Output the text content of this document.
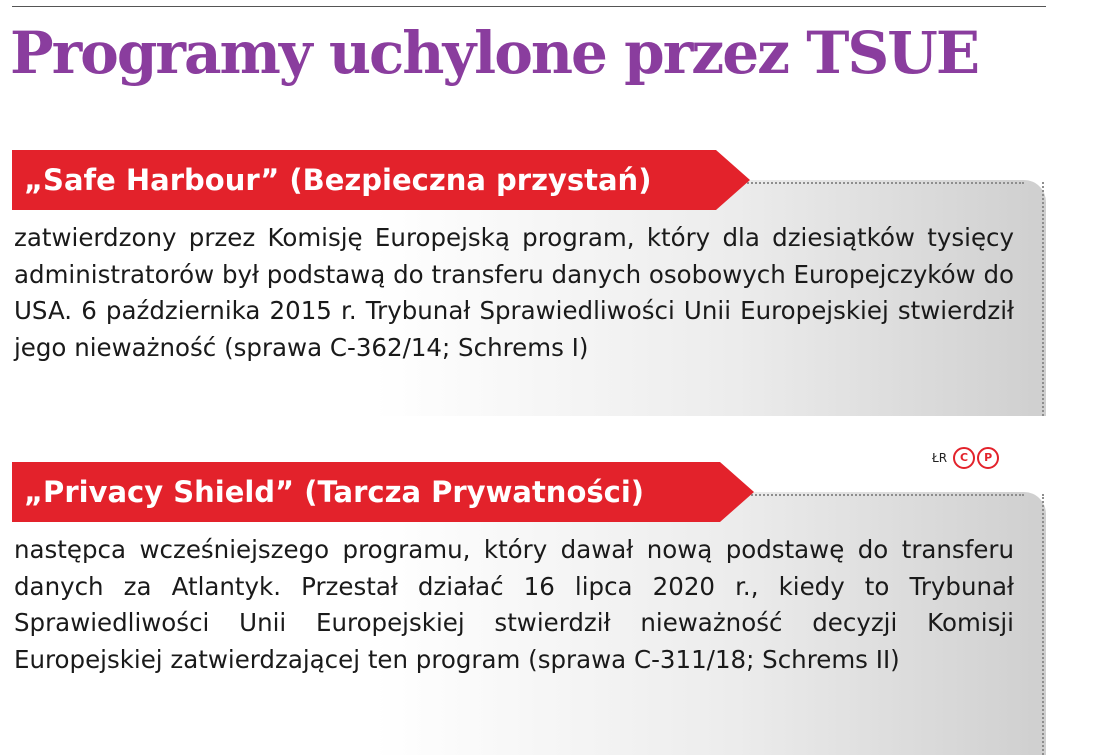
Programy uchylone przez TSUE
„Safe Harbour” (Bezpieczna przystań)

zatwierdzony przez Komisję Europejską program, który dla dziesiątków tysięcy administratorów był podstawą do transferu danych osobowych Europejczyków do USA. 6 października 2015 r. Trybunał Sprawiedliwości Unii Europejskiej stwierdził jego nieważność (sprawa C-362/14; Schrems I)

ŁR	C	P
„Privacy Shield” (Tarcza Prywatności)

następca wcześniejszego programu, który dawał nową podstawę do transferu danych za Atlantyk. Przestał działać 16 lipca 2020 r., kiedy to Trybunał Sprawiedliwości Unii Europejskiej stwierdził nieważność decyzji Komisji Europejskiej zatwierdzającej ten program (sprawa C-311/18; Schrems II)
